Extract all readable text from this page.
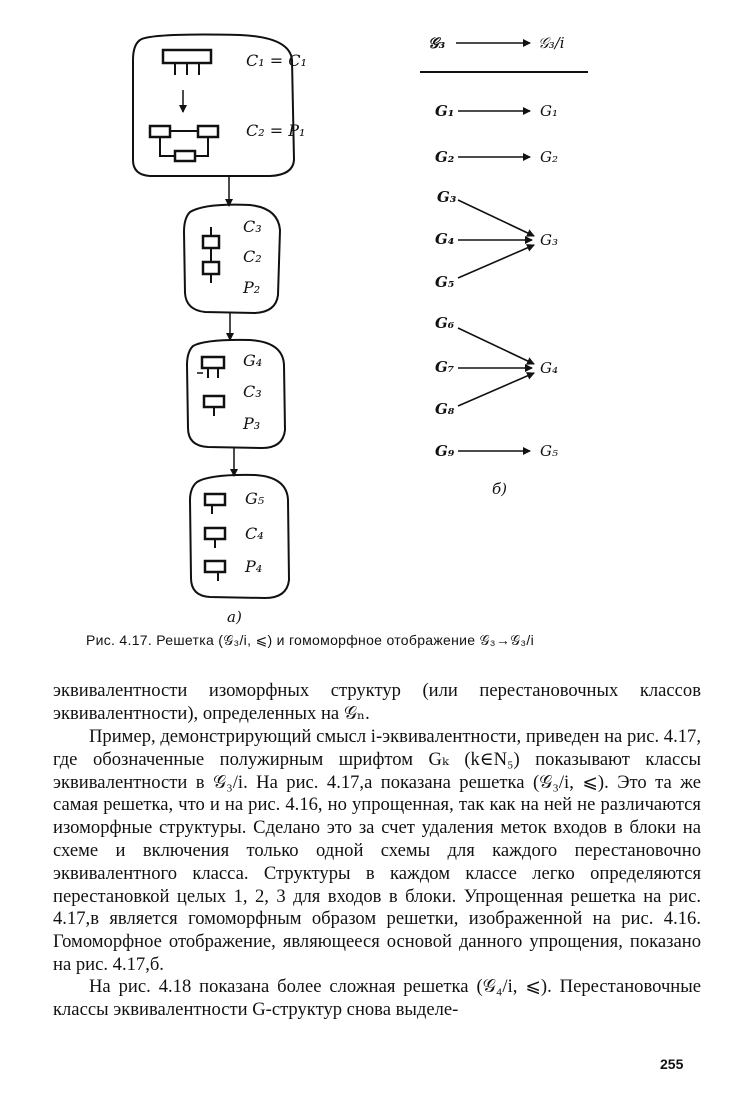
C₁ = C₁
C₂ = P₁
C₃
C₂
P₂
G₄
C₃
P₃
G₅
C₄
P₄
а)
𝒢₃	𝒢₃/i
G₁
G₂
G₃
G₄
G₅
G₆
G₇
G₈
G₉
G₁
G₂
G₃
G₄
G₅
б)
Рис. 4.17. Решетка (𝒢₃/i, ⩽) и гомоморфное отображение 𝒢₃→𝒢₃/i
эквивалентности изоморфных структур (или перестановочных классов эквивалентности), определенных на 𝒢ₙ.
Пример, демонстрирующий смысл i-эквивалентности, приведен на рис. 4.17, где обозначенные полужирным шрифтом Gₖ (k∈N₅) показывают классы эквивалентности в 𝒢₃/i. На рис. 4.17,а показана решетка (𝒢₃/i, ⩽). Это та же самая решетка, что и на рис. 4.16, но упрощенная, так как на ней не различаются изоморфные структуры. Сделано это за счет удаления меток входов в блоки на схеме и включения только одной схемы для каждого перестановочно эквивалентного класса. Структуры в каждом классе легко определяются перестановкой целых 1, 2, 3 для входов в блоки. Упрощенная решетка на рис. 4.17,в является гомоморфным образом решетки, изображенной на рис. 4.16. Гомоморфное отображение, являющееся основой данного упрощения, показано на рис. 4.17,б.
На рис. 4.18 показана более сложная решетка (𝒢₄/i, ⩽). Перестановочные классы эквивалентности G-структур снова выделе-
255
